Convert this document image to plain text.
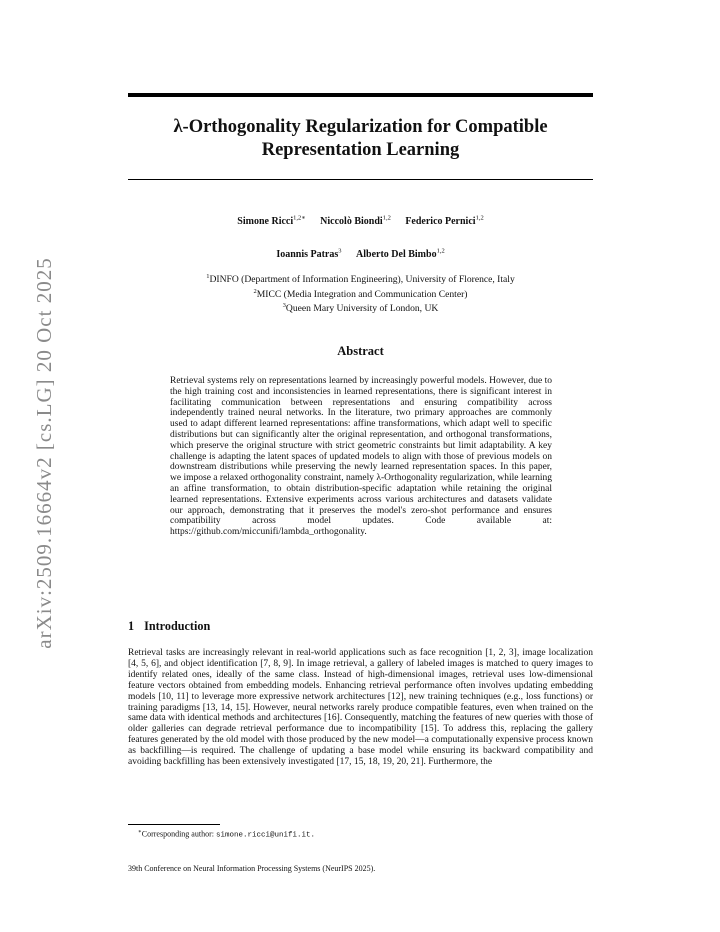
arXiv:2509.16664v2 [cs.LG] 20 Oct 2025
λ-Orthogonality Regularization for Compatible Representation Learning

Simone Ricci$^{1,2∗}$ Niccolò Biondi$^{1,2}$ Federico Pernici$^{1,2}$

Ioannis Patras$^3$ Alberto Del Bimbo$^{1,2}$

$^1$DINFO (Department of Information Engineering), University of Florence, Italy
$^2$MICC (Media Integration and Communication Center)
$^3$Queen Mary University of London, UK
Abstract

Retrieval systems rely on representations learned by increasingly powerful models. However, due to the high training cost and inconsistencies in learned representations, there is significant interest in facilitating communication between representations and ensuring compatibility across independently trained neural networks. In the literature, two primary approaches are commonly used to adapt different learned representations: affine transformations, which adapt well to specific distributions but can significantly alter the original representation, and orthogonal transformations, which preserve the original structure with strict geometric constraints but limit adaptability. A key challenge is adapting the latent spaces of updated models to align with those of previous models on downstream distributions while preserving the newly learned representation spaces. In this paper, we impose a relaxed orthogonality constraint, namely λ-Orthogonality regularization, while learning an affine transformation, to obtain distribution-specific adaptation while retaining the original learned representations. Extensive experiments across various architectures and datasets validate our approach, demonstrating that it preserves the model's zero-shot performance and ensures compatibility across model updates. Code available at: https://github.com/miccunifi/lambda_orthogonality.

1 Introduction

Retrieval tasks are increasingly relevant in real-world applications such as face recognition [1, 2, 3], image localization [4, 5, 6], and object identification [7, 8, 9]. In image retrieval, a gallery of labeled images is matched to query images to identify related ones, ideally of the same class. Instead of high-dimensional images, retrieval uses low-dimensional feature vectors obtained from embedding models. Enhancing retrieval performance often involves updating embedding models [10, 11] to leverage more expressive network architectures [12], new training techniques (e.g., loss functions) or training paradigms [13, 14, 15]. However, neural networks rarely produce compatible features, even when trained on the same data with identical methods and architectures [16]. Consequently, matching the features of new queries with those of older galleries can degrade retrieval performance due to incompatibility [15]. To address this, replacing the gallery features generated by the old model with those produced by the new model—a computationally expensive process known as backfilling—is required. The challenge of updating a base model while ensuring its backward compatibility and avoiding backfilling has been extensively investigated [17, 15, 18, 19, 20, 21]. Furthermore, the

∗Corresponding author: simone.ricci@unifi.it.

39th Conference on Neural Information Processing Systems (NeurIPS 2025).
